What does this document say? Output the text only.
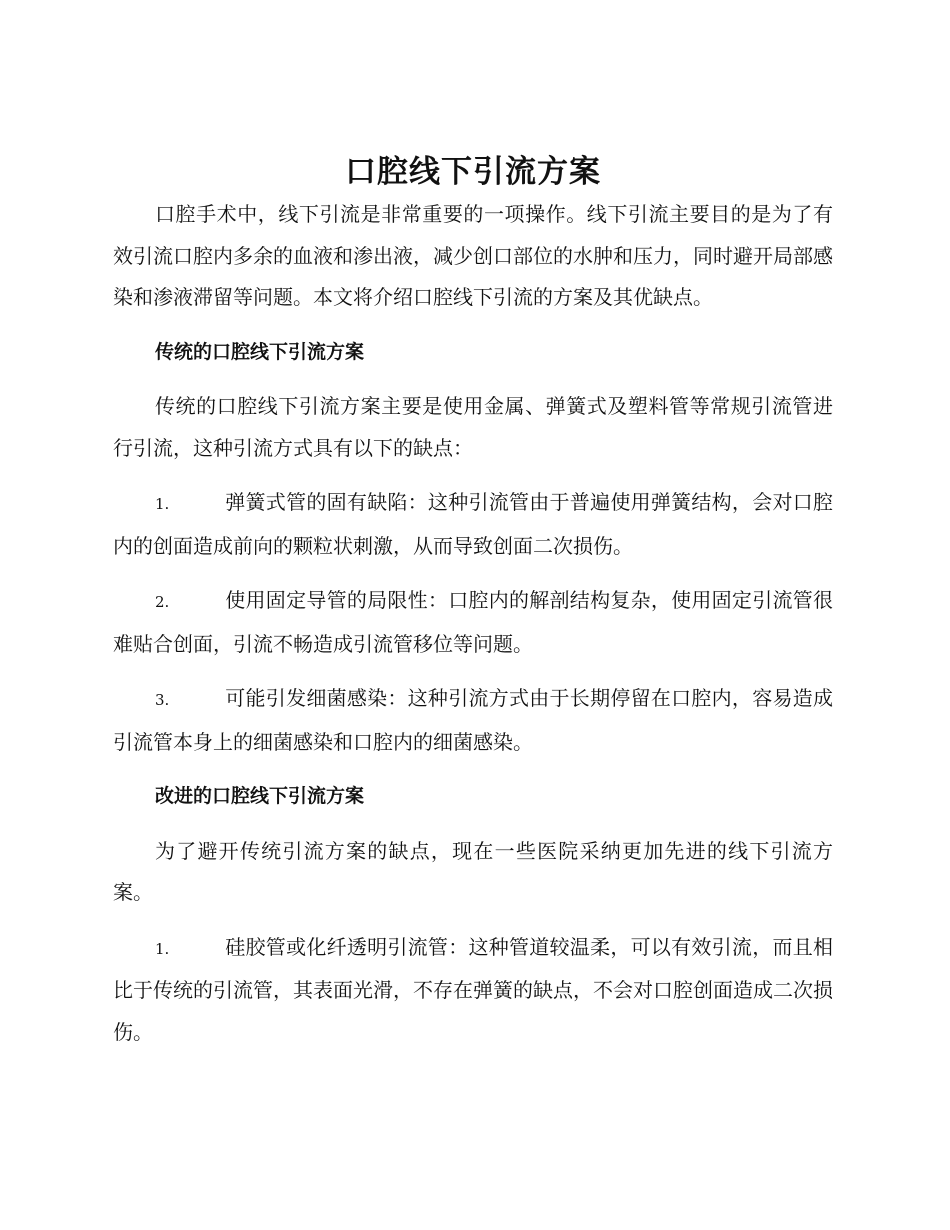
口腔线下引流方案

口腔手术中，线下引流是非常重要的一项操作。线下引流主要目的是为了有效引流口腔内多余的血液和渗出液，减少创口部位的水肿和压力，同时避开局部感染和渗液滞留等问题。本文将介绍口腔线下引流的方案及其优缺点。

传统的口腔线下引流方案

传统的口腔线下引流方案主要是使用金属、弹簧式及塑料管等常规引流管进行引流，这种引流方式具有以下的缺点：

1.	弹簧式管的固有缺陷：这种引流管由于普遍使用弹簧结构，会对口腔内的创面造成前向的颗粒状刺激，从而导致创面二次损伤。

2.	使用固定导管的局限性：口腔内的解剖结构复杂，使用固定引流管很难贴合创面，引流不畅造成引流管移位等问题。

3.	可能引发细菌感染：这种引流方式由于长期停留在口腔内，容易造成引流管本身上的细菌感染和口腔内的细菌感染。

改进的口腔线下引流方案

为了避开传统引流方案的缺点，现在一些医院采纳更加先进的线下引流方案。

1.	硅胶管或化纤透明引流管：这种管道较温柔，可以有效引流，而且相比于传统的引流管，其表面光滑，不存在弹簧的缺点，不会对口腔创面造成二次损伤。
